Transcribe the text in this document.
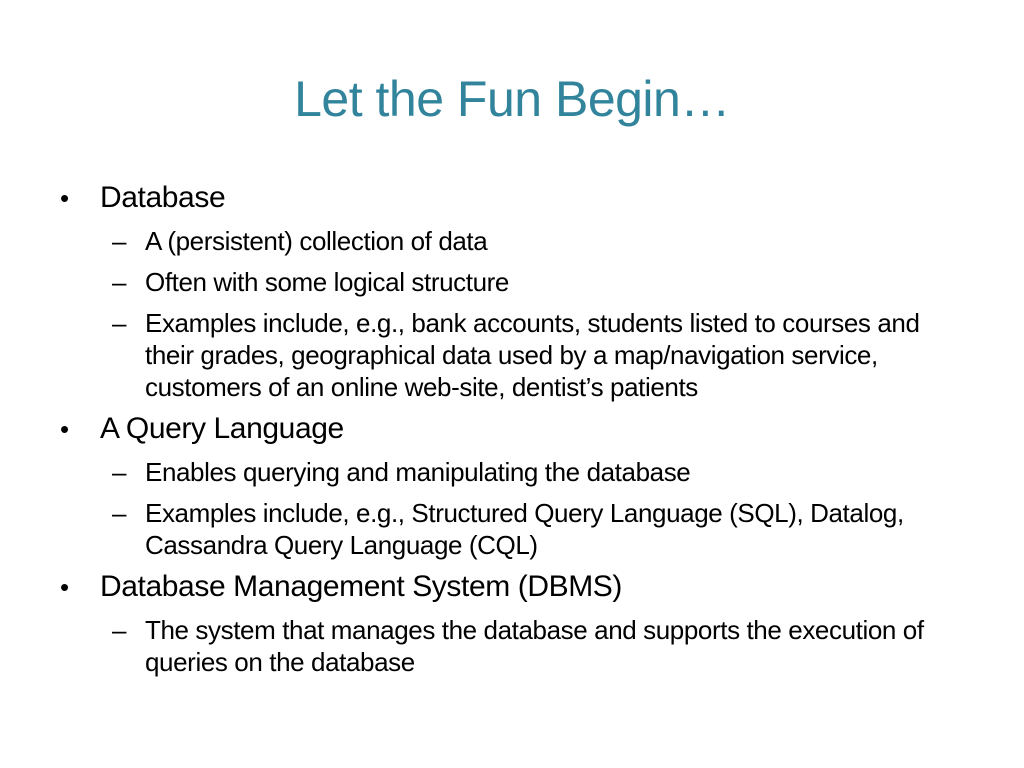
Let the Fun Begin…
•	Database
– A (persistent) collection of data
– Often with some logical structure
– Examples include, e.g., bank accounts, students listed to courses and their grades, geographical data used by a map/navigation service, customers of an online web-site, dentist’s patients
•	A Query Language
– Enables querying and manipulating the database
– Examples include, e.g., Structured Query Language (SQL), Datalog, Cassandra Query Language (CQL)
•	Database Management System (DBMS)
– The system that manages the database and supports the execution of queries on the database
